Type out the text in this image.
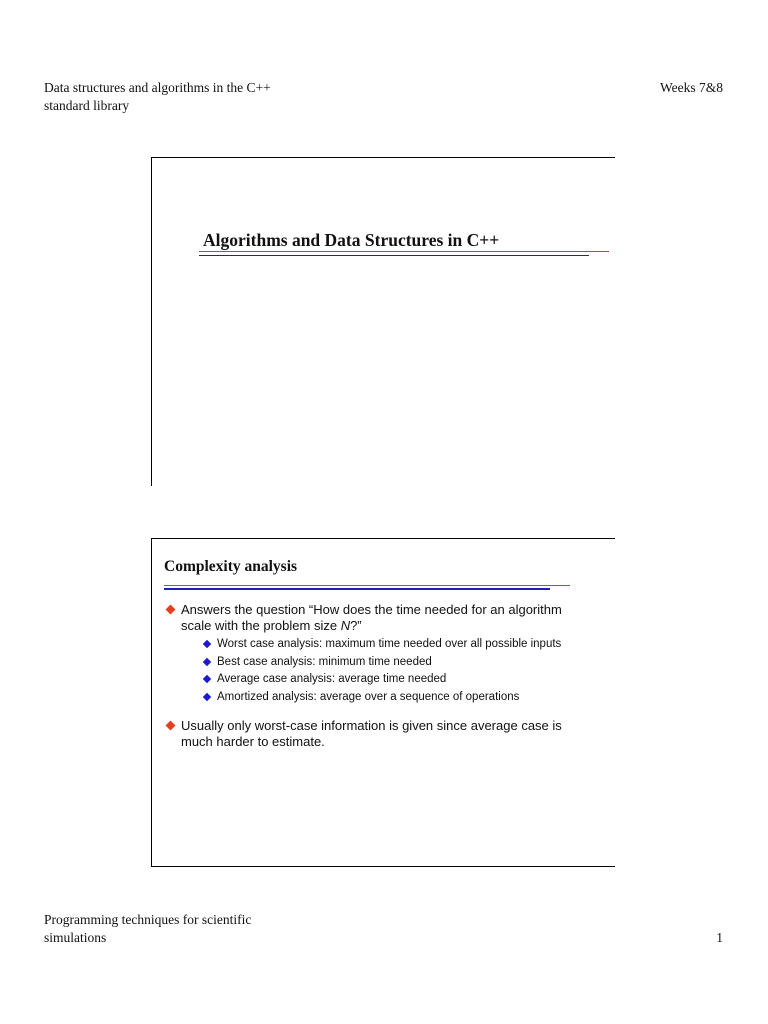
Data structures and algorithms in the C++
standard library
Weeks 7&8
Algorithms and Data Structures in C++
Complexity analysis
Answers the question “How does the time needed for an algorithm
scale with the problem size N?”
Worst case analysis: maximum time needed over all possible inputs
Best case analysis: minimum time needed
Average case analysis: average time needed
Amortized analysis: average over a sequence of operations
Usually only worst-case information is given since average case is
much harder to estimate.
Programming techniques for scientific
simulations	1
